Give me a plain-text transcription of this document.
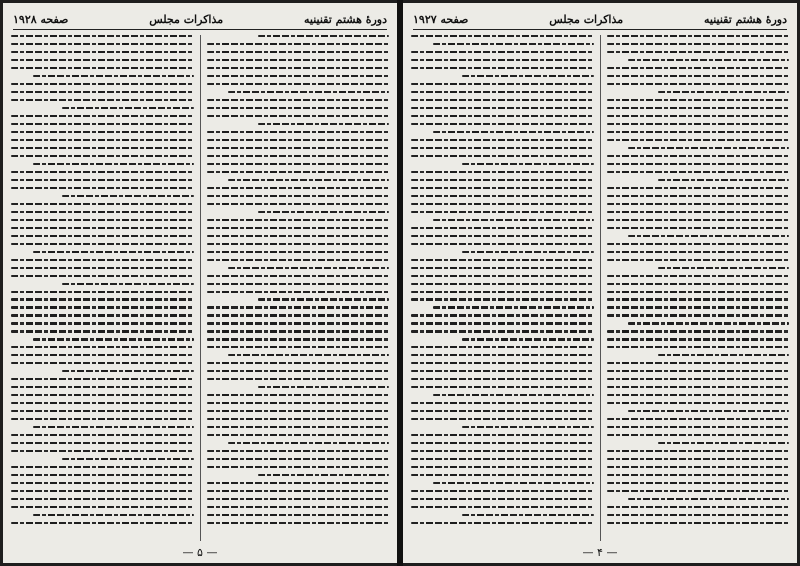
دورهٔ هشتم تقنینیه
مذاکرات مجلس
صفحه ۱۹۲۸
— ۵ —
دورهٔ هشتم تقنینیه
مذاکرات مجلس
صفحه ۱۹۲۷
— ۴ —
